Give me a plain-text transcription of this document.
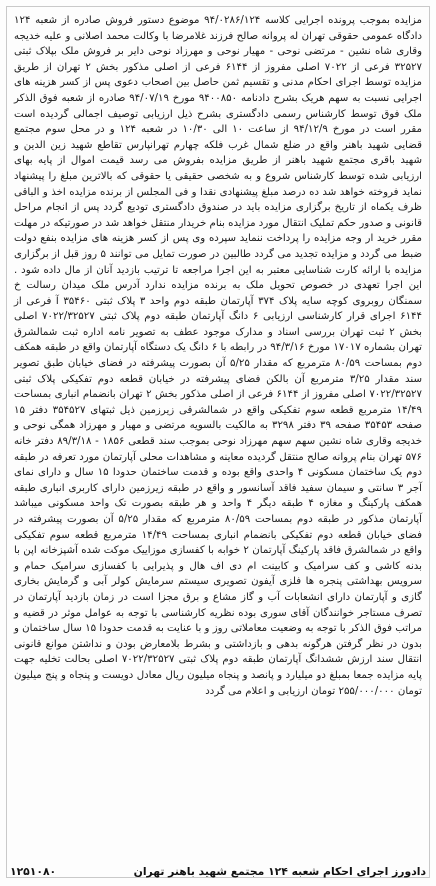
مزایده بموجب پرونده اجرایی کلاسه ۹۴/۰۲۸۶/۱۲۴ موضوع دستور فروش صادره از شعبه ۱۲۴ دادگاه عمومی حقوقی تهران له پروانه صالح فرزند غلامرضا با وکالت محمد اصلانی و علیه خدیجه وقاری شاه نشین - مرتضی نوحی - مهیار نوحی و مهرزاد نوحی دایر بر فروش ملک بپلاک ثبتی ۳۲۵۲۷ فرعی از ۷۰۲۲ اصلی مفروز از ۶۱۴۴ فرعی از اصلی مذکور بخش ۲ تهران از طریق مزایده توسط اجرای احکام مدنی و تقسیم ثمن حاصل بین اصحاب دعوی پس از کسر هزینه های اجرایی نسبت به سهم هریک بشرح دادنامه ۹۴۰۰۸۵۰ مورخ ۹۴/۰۷/۱۹ صادره از شعبه فوق الذکر ملک فوق توسط کارشناس رسمی دادگستری بشرح ذیل ارزیابی توصیف اجمالی گردیده است مقرر است در مورخ ۹۴/۱۲/۹ از ساعت ۱۰ الی ۱۰/۳۰ در شعبه ۱۲۴ و در محل سوم مجتمع قضایی شهید باهنر واقع در ضلع شمال غرب فلکه چهارم تهرانپارس تقاطع شهید زین الدین و شهید باقری مجتمع شهید باهنر از طریق مزایده بفروش می رسد قیمت اموال از پایه بهای ارزیابی شده توسط کارشناس شروع و به شخصی حقیقی یا حقوقی که بالاترین مبلغ را پیشنهاد نماید فروخته خواهد شد ده درصد مبلغ پیشنهادی نقدا و فی المجلس از برنده مزایده اخذ و الباقی ظرف یکماه از تاریخ برگزاری مزایده باید در صندوق دادگستری تودیع گردد پس از انجام مراحل قانونی و صدور حکم تملیک انتقال مورد مزایده بنام خریدار منتقل خواهد شد در صورتیکه در مهلت مقرر خرید ار وجه مزایده را پرداخت ننماید سپرده وی پس از کسر هزینه های مزایده بنفع دولت ضبط می گردد و مزایده تجدید می گردد طالبین در صورت تمایل می توانند ۵ روز قبل از برگزاری مزایده با ارائه کارت شناسایی معتبر به این اجرا مراجعه تا ترتیب بازدید آنان از مال داده شود . این اجرا تعهدی در خصوص تحویل ملک به برنده مزایده ندارد آدرس ملک میدان رسالت خ سمنگان روبروی کوچه سایه پلاک ۳۷۴ آپارتمان طبقه دوم واحد ۳ پلاک ثبتی ۳۵۴۶۰ آ فرعی از ۶۱۴۴ اجرای قرار کارشناسی ارزیابی ۶ دانگ آپارتمان طبقه دوم پلاک ثبتی ۷۰۲۲/۳۲۵۲۷ اصلی بخش ۲ ثبت تهران بررسی اسناد و مدارک موجود عطف به تصویر نامه اداره ثبت شمالشرق تهران بشماره ۱۷۰۱۷ مورخ ۹۴/۳/۱۶ در رابطه با ۶ دانگ یک دستگاه آپارتمان واقع در طبقه همکف دوم بمساحت ۸۰/۵۹ مترمربع که مقدار ۵/۲۵ آن بصورت پیشرفته در فضای خیابان طبق تصویر سند مقدار ۳/۲۵ مترمربع آن بالکن فضای پیشرفته در خیابان قطعه دوم تفکیکی پلاک ثبتی ۷۰۲۲/۳۲۵۲۷ اصلی مفروز از ۶۱۴۴ فرعی از اصلی مذکور بخش ۲ تهران بانضمام انباری بمساحت ۱۴/۴۹ مترمربع قطعه سوم تفکیکی واقع در شمالشرقی زیرزمین ذیل ثبتهای ۳۵۴۵۲۷ دفتر ۱۵ صفحه ۳۵۴۵۳ صفحه ۳۹ دفتر ۳۲۹۸ به مالکیت بالسویه مرتضی و مهیار و مهرزاد همگی نوحی و خدیجه وقاری شاه نشین سهم سهم مهرزاد نوحی بموجب سند قطعی ۱۸۵۶ - ۸۹/۳/۱۸ دفتر خانه ۵۷۶ تهران بنام پروانه صالح منتقل گردیده معاینه و مشاهدات محلی آپارتمان مورد تعرفه در طبقه دوم یک ساختمان مسکونی ۴ واحدی واقع بوده و قدمت ساختمان حدودا ۱۵ سال و دارای نمای آجر ۳ سانتی و سیمان سفید فاقد آسانسور و واقع در طبقه زیرزمین دارای کاربری انباری طبقه همکف پارکینگ و مغازه ۴ طبقه دیگر ۴ واحد و هر طبقه بصورت تک واحد مسکونی میباشد آپارتمان مذکور در طبقه دوم بمساحت ۸۰/۵۹ مترمربع که مقدار ۵/۲۵ آن بصورت پیشرفته در فضای خیابان قطعه دوم تفکیکی بانضمام انباری بمساحت ۱۴/۴۹ مترمربع قطعه سوم تفکیکی واقع در شمالشرق فاقد پارکینگ آپارتمان ۲ خوابه با کفسازی موزاییک موکت شده آشپزخانه اپن با بدنه کاشی و کف سرامیک و کابینت ام دی اف هال و پذیرایی با کفسازی سرامیک حمام و سرویس بهداشتی پنجره ها فلزی آیفون تصویری سیستم سرمایش کولر آبی و گرمایش بخاری گازی و آپارتمان دارای انشعابات آب و گاز مشاع و برق مجزا است در زمان بازدید آپارتمان در تصرف مستاجر خوانندگان آقای سوری بوده نظریه کارشناسی با توجه به عوامل موثر در قضیه و مراتب فوق الذکر با توجه به وضعیت معاملاتی روز و با عنایت به قدمت حدودا ۱۵ سال ساختمان و بدون در نظر گرفتن هرگونه بدهی و بازداشتی و بشرط بلامعارض بودن و نداشتن موانع قانونی انتقال سند ارزش ششدانگ آپارتمان طبقه دوم پلاک ثبتی ۷۰۲۲/۳۲۵۲۷ اصلی بحالت تخلیه جهت پایه مزایده جمعا بمبلغ دو میلیارد و پانصد و پنجاه میلیون ریال معادل دویست و پنجاه و پنج میلیون تومان ۲۵۵/۰۰۰/۰۰۰ تومان ارزیابی و اعلام می گردد

دادورز اجرای احکام شعبه ۱۲۴ مجتمع شهید باهنر تهران
۱۲۵۱۰۸۰
